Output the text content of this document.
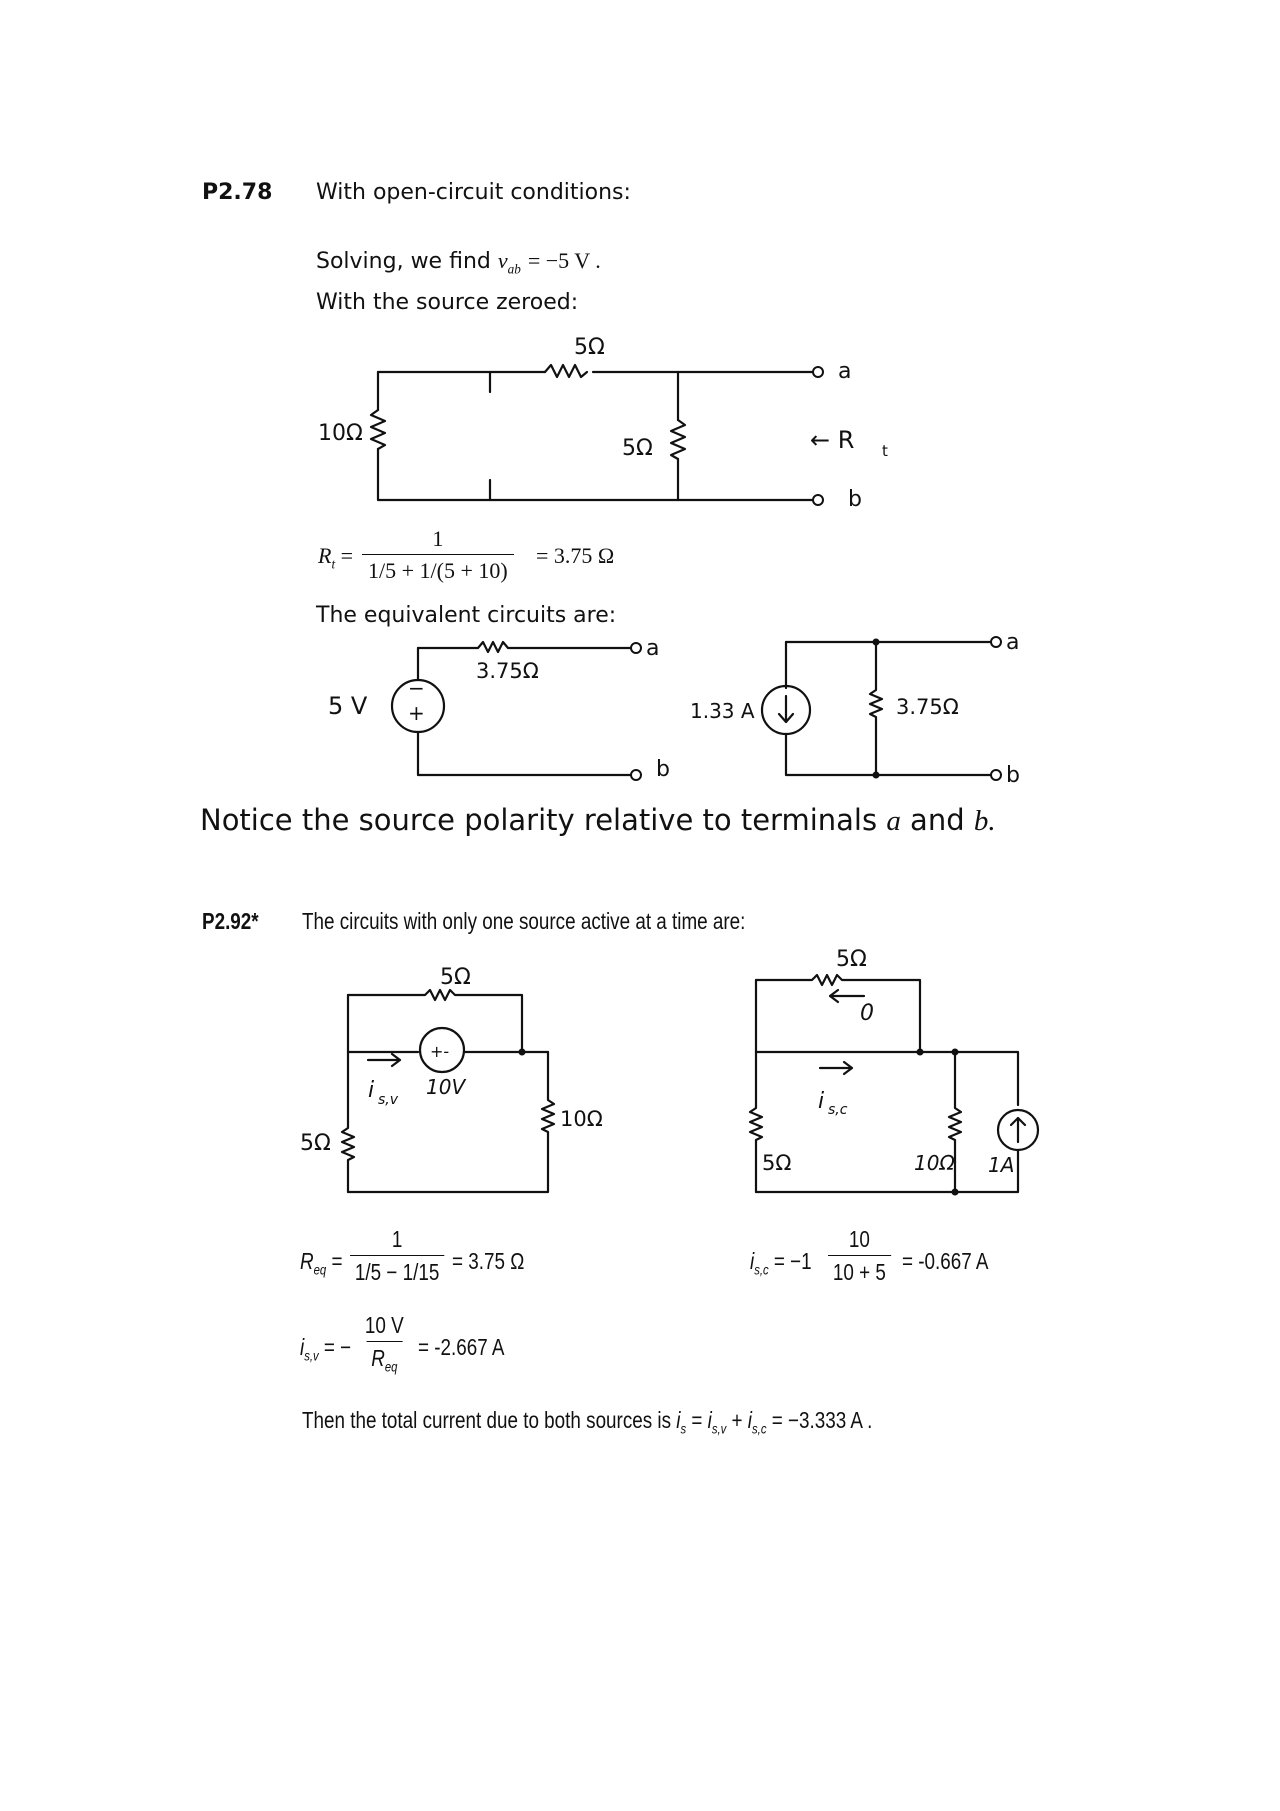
P2.78 With open-circuit conditions:
Solving, we find $v_{ab} = -5$ V .
With the source zeroed:
5Ω
10Ω
5Ω
a
b
← R t
$R_t = \frac{1}{1/5 + 1/(5 + 10)} = 3.75$ Ω
The equivalent circuits are:
−
+
5 V
3.75Ω
a
b
1.33 A	3.75Ω
a
b
Notice the source polarity relative to terminals a and b.
P2.92* The circuits with only one source active at a time are:
+-
5Ω
5Ω
10Ω
10V
i s,v
5Ω
0
5Ω	10Ω 1A
i s,c
$R_{eq} = \frac{1}{1/5 - 1/15} = 3.75$ Ω
$i_{s,v}$ = −
10 V
$R_{eq}$
= -2.667 A
$i_{s,c} = -1 \frac{10}{10 + 5} = -0.667$ A
Then the total current due to both sources is $i_s = i_{s,v} + i_{s,c} = -3.333$ A .
